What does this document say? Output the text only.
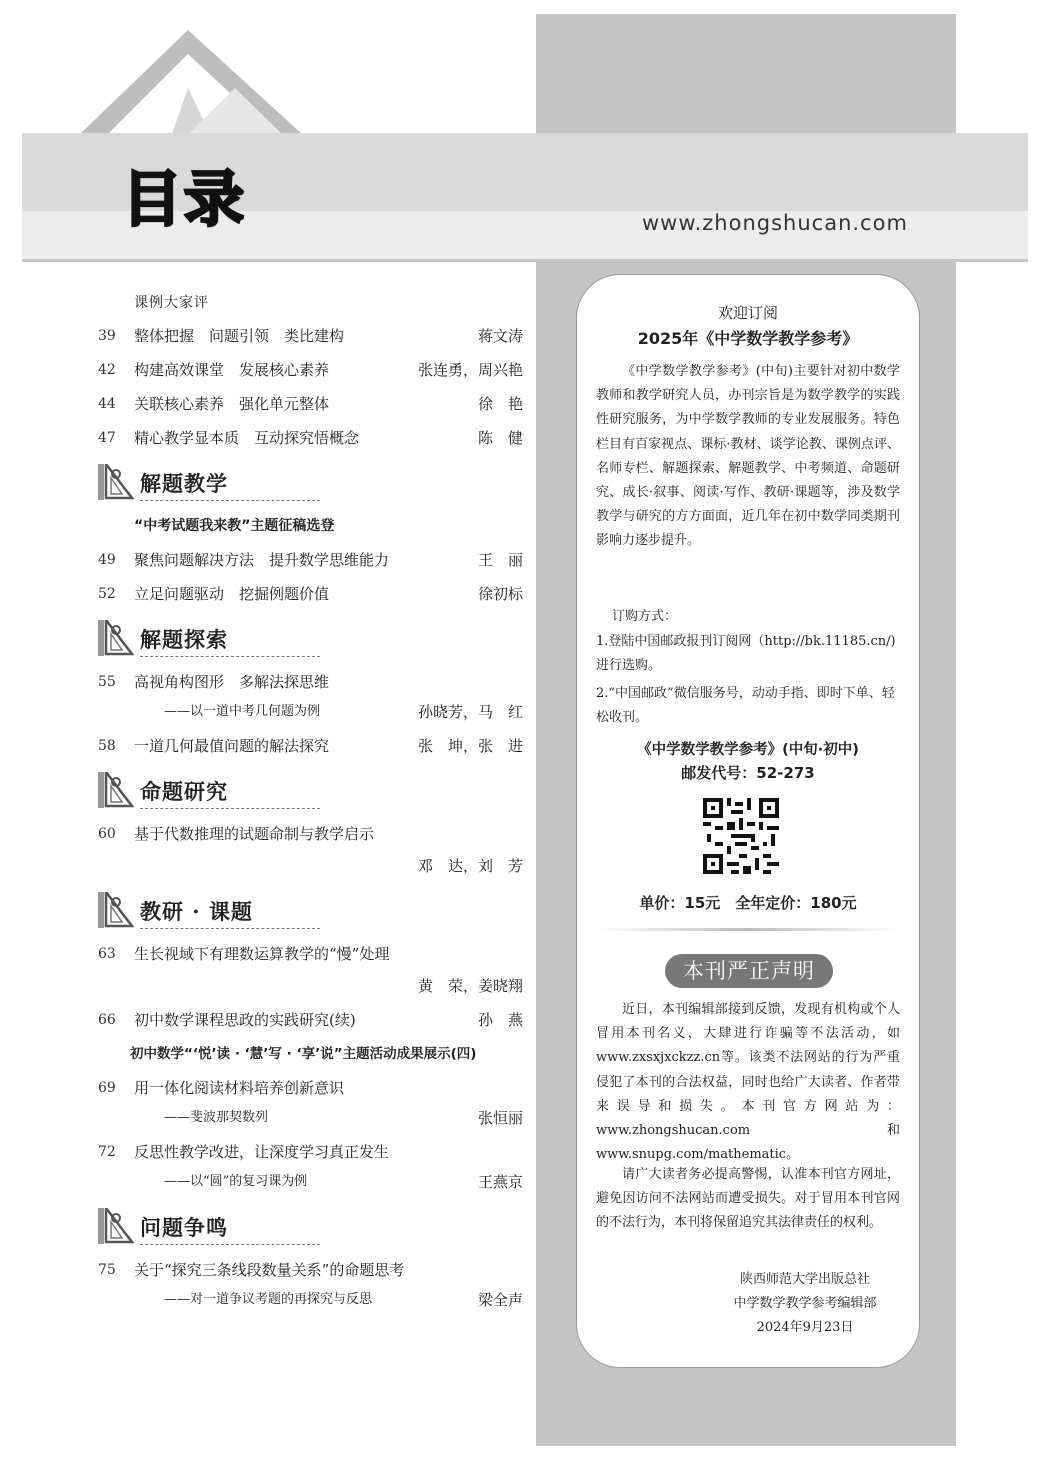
目录	www.zhongshucan.com
课例大家评
39	整体把握　问题引领　类比建构	蒋文涛
42	构建高效课堂　发展核心素养	张连勇，周兴艳
44	关联核心素养　强化单元整体	徐　艳
47	精心教学显本质　互动探究悟概念	陈　健
解题教学
“中考试题我来教”主题征稿选登
49	聚焦问题解决方法　提升数学思维能力	王　丽
52	立足问题驱动　挖掘例题价值	徐初标
解题探索
55	高视角构图形　多解法探思维
——以一道中考几何题为例	孙晓芳，马　红
58	一道几何最值问题的解法探究	张　坤，张　进
命题研究
60	基于代数推理的试题命制与教学启示
邓　达，刘　芳
教研 · 课题
63	生长视域下有理数运算教学的“慢”处理
黄　荣，姜晓翔
66	初中数学课程思政的实践研究(续)	孙　燕
初中数学“‘悦’读 · ‘慧’写 · ‘享’说”主题活动成果展示(四)
69	用一体化阅读材料培养创新意识
——斐波那契数列	张恒丽
72	反思性教学改进，让深度学习真正发生
——以“圆”的复习课为例	王燕京
问题争鸣
75	关于“探究三条线段数量关系”的命题思考
——对一道争议考题的再探究与反思	梁全声
欢迎订阅
2025年《中学数学教学参考》
《中学数学教学参考》(中旬)主要针对初中数学教师和教学研究人员，办刊宗旨是为数学教学的实践性研究服务，为中学数学教师的专业发展服务。特色栏目有百家视点、课标·教材、谈学论教、课例点评、名师专栏、解题探索、解题教学、中考频道、命题研究、成长·叙事、阅读·写作、教研·课题等，涉及数学教学与研究的方方面面，近几年在初中数学同类期刊影响力逐步提升。
订购方式：
1.登陆中国邮政报刊订阅网（http://bk.11185.cn/)进行选购。
2.“中国邮政”微信服务号，动动手指、即时下单、轻松收刊。
《中学数学教学参考》(中旬·初中)
邮发代号：52-273
单价：15元　全年定价：180元
本刊严正声明
近日，本刊编辑部接到反馈，发现有机构或个人冒用本刊名义，大肆进行诈骗等不法活动，如www.zxsxjxckzz.cn等。该类不法网站的行为严重侵犯了本刊的合法权益，同时也给广大读者、作者带来误导和损失。本刊官方网站为：www.zhongshucan.com 和 www.snupg.com/mathematic。
请广大读者务必提高警惕，认准本刊官方网址，避免因访问不法网站而遭受损失。对于冒用本刊官网的不法行为，本刊将保留追究其法律责任的权利。
陕西师范大学出版总社
中学数学教学参考编辑部
2024年9月23日
